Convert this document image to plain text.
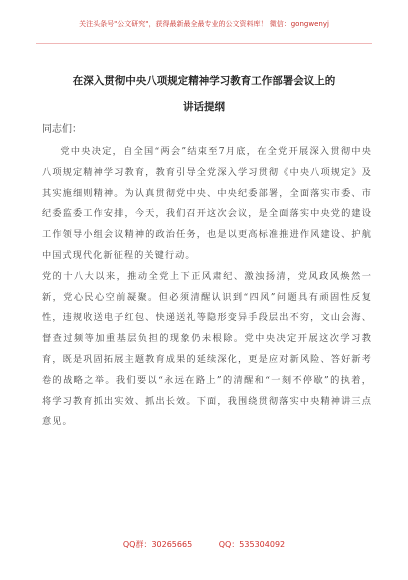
关注头条号"公文研究"，获得最新最全最专业的公文资料库！ 微信：gongwenyj
在深入贯彻中央八项规定精神学习教育工作部署会议上的
讲话提纲
同志们：

党中央决定，自全国“两会”结束至7月底，在全党开展深入贯彻中央八项规定精神学习教育，教育引导全党深入学习贯彻《中央八项规定》及其实施细则精神。为认真贯彻党中央、中央纪委部署，全面落实市委、市纪委监委工作安排，今天，我们召开这次会议，是全面落实中央党的建设工作领导小组会议精神的政治任务，也是以更高标准推进作风建设、护航中国式现代化新征程的关键行动。

党的十八大以来，推动全党上下正风肃纪、激浊扬清，党风政风焕然一新，党心民心空前凝聚。但必须清醒认识到“四风”问题具有顽固性反复性，违规收送电子红包、快递送礼等隐形变异手段层出不穷，文山会海、督查过频等加重基层负担的现象仍未根除。党中央决定开展这次学习教育，既是巩固拓展主题教育成果的延续深化，更是应对新风险、答好新考卷的战略之举。我们要以“永远在路上”的清醒和“一刻不停歇”的执着，将学习教育抓出实效、抓出长效。下面，我围绕贯彻落实中央精神讲三点意见。

QQ群：30265665	QQ：535304092
